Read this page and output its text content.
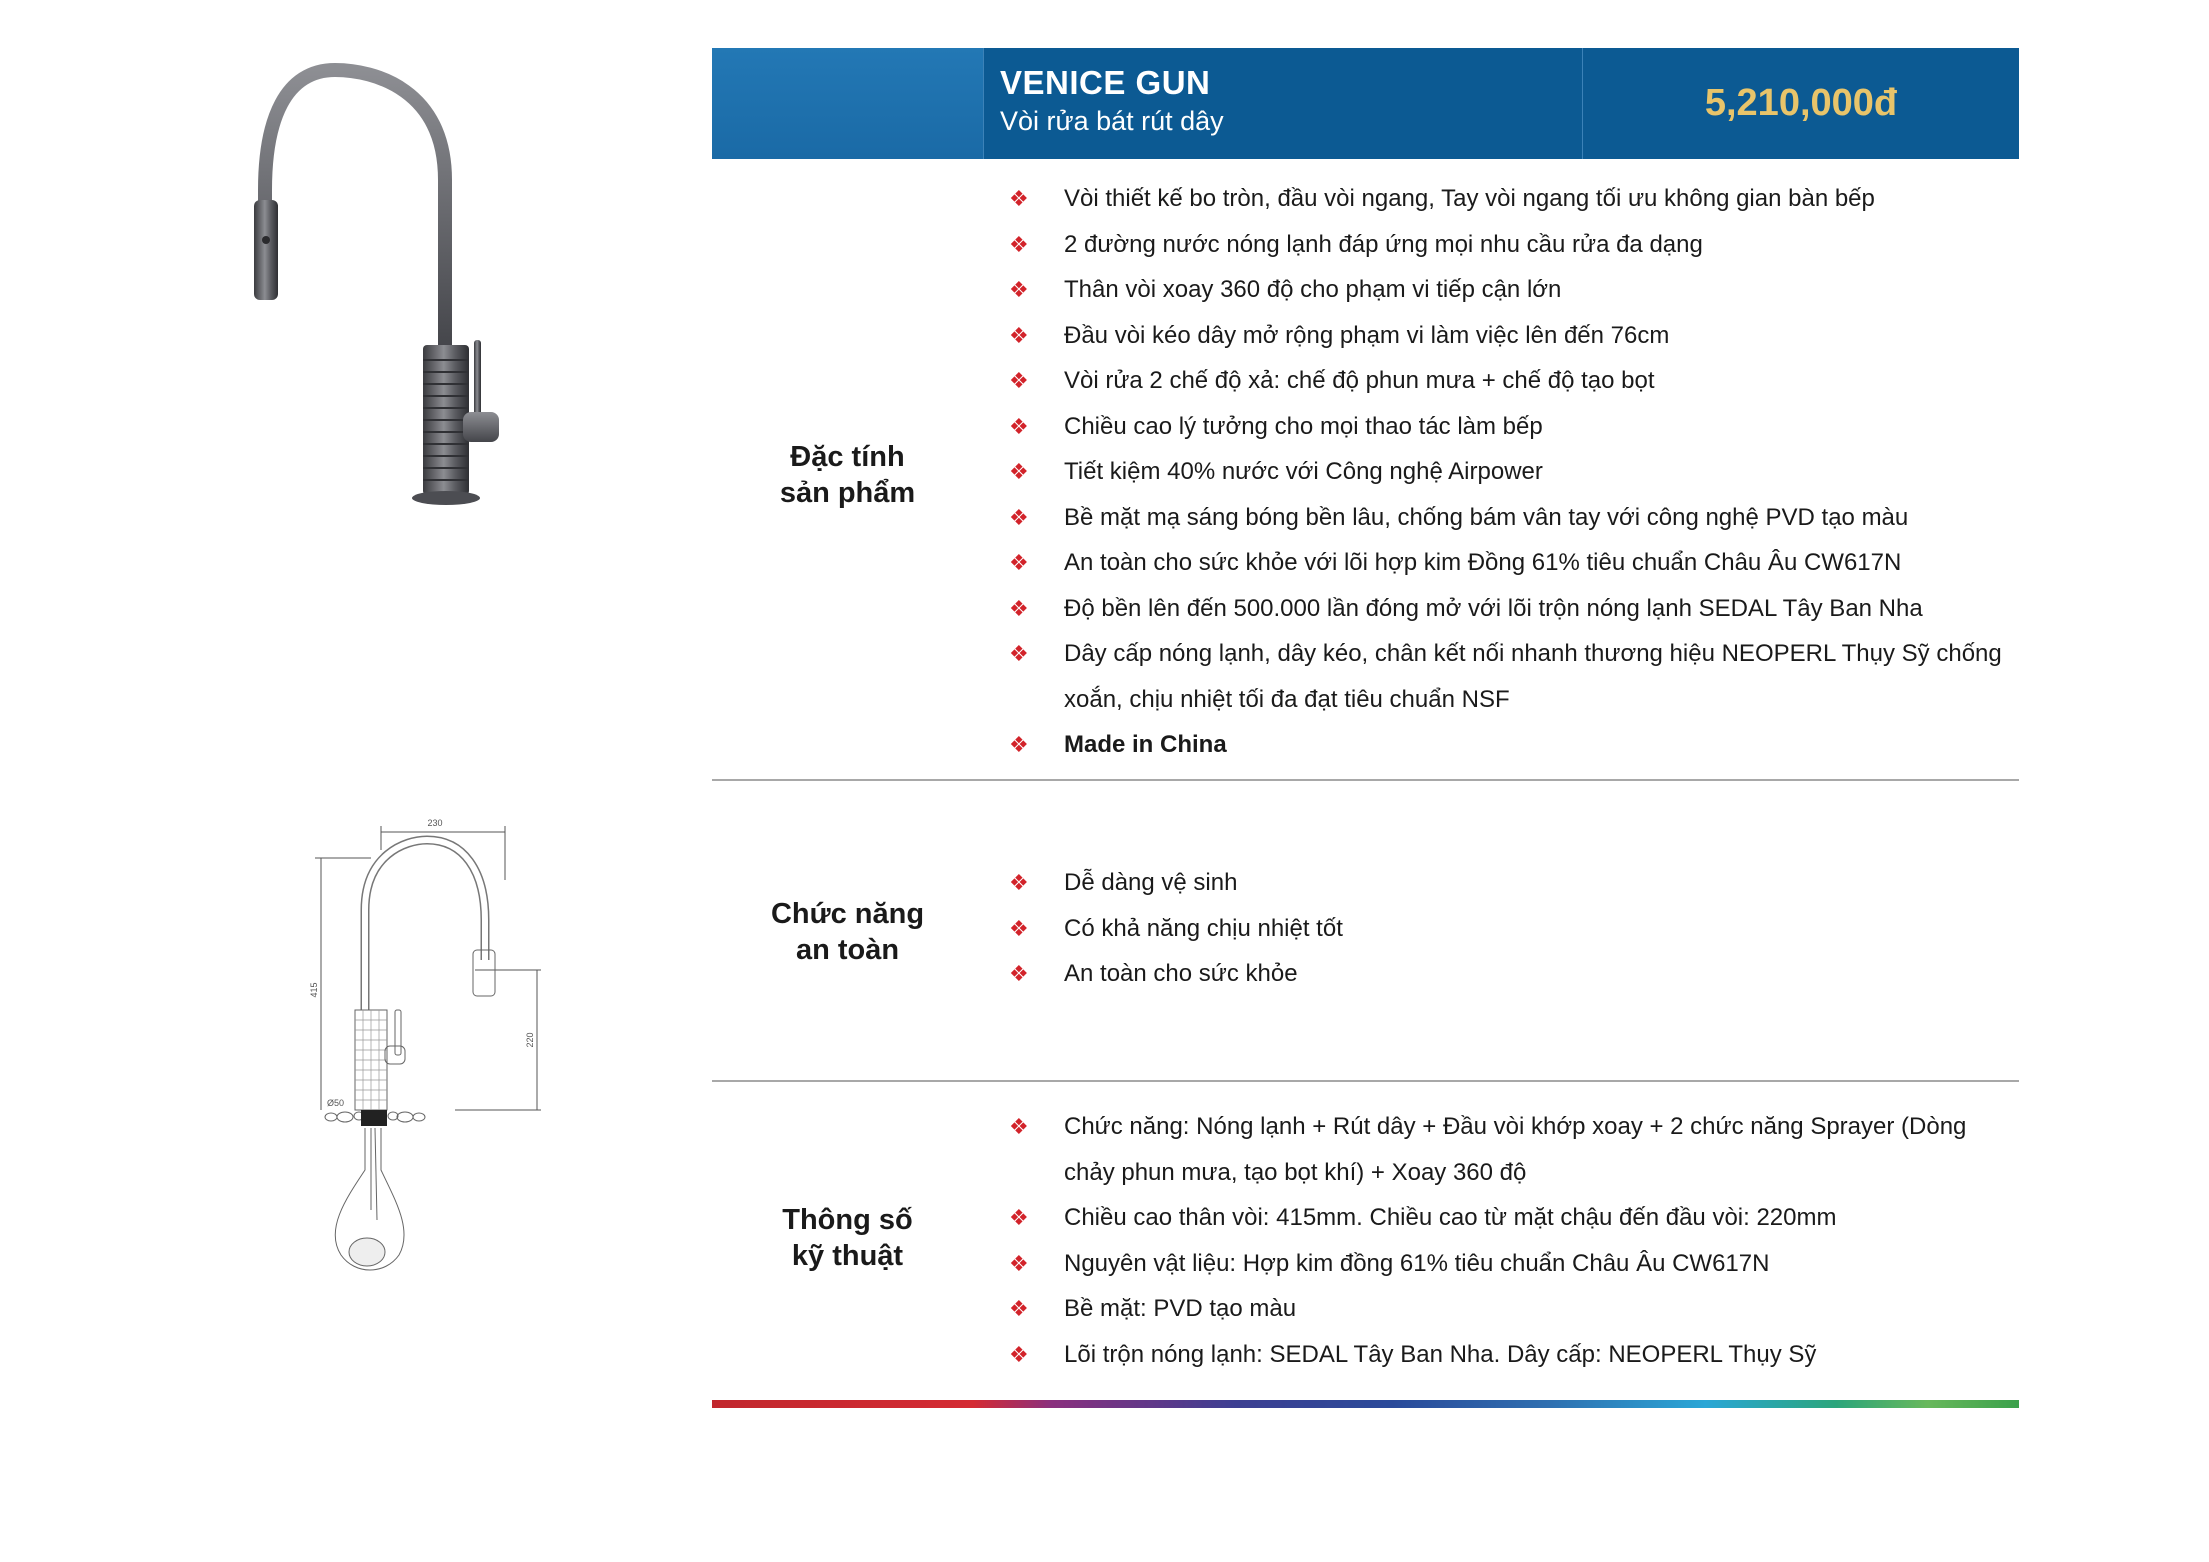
230
415
220
Ø50
VENICE GUN
Vòi rửa bát rút dây	5,210,000đ
Đặc tính
sản phẩm
❖	Vòi thiết kế bo tròn, đầu vòi ngang, Tay vòi ngang tối ưu không gian bàn bếp
❖	2 đường nước nóng lạnh đáp ứng mọi nhu cầu rửa đa dạng
❖	Thân vòi xoay 360 độ cho phạm vi tiếp cận lớn
❖	Đầu vòi kéo dây mở rộng phạm vi làm việc lên đến 76cm
❖	Vòi rửa 2 chế độ xả: chế độ phun mưa + chế độ tạo bọt
❖	Chiều cao lý tưởng cho mọi thao tác làm bếp
❖	Tiết kiệm 40% nước với Công nghệ Airpower
❖	Bề mặt mạ sáng bóng bền lâu, chống bám vân tay với công nghệ PVD tạo màu
❖	An toàn cho sức khỏe với lõi hợp kim Đồng 61% tiêu chuẩn Châu Âu CW617N
❖	Độ bền lên đến 500.000 lần đóng mở với lõi trộn nóng lạnh SEDAL Tây Ban Nha
❖	Dây cấp nóng lạnh, dây kéo, chân kết nối nhanh thương hiệu NEOPERL Thụy Sỹ chống xoắn, chịu nhiệt tối đa đạt tiêu chuẩn NSF
❖	Made in China
Chức năng
an toàn
❖	Dễ dàng vệ sinh
❖	Có khả năng chịu nhiệt tốt
❖	An toàn cho sức khỏe
Thông số
kỹ thuật
❖	Chức năng: Nóng lạnh + Rút dây + Đầu vòi khớp xoay + 2 chức năng Sprayer (Dòng chảy phun mưa, tạo bọt khí) + Xoay 360 độ
❖	Chiều cao thân vòi: 415mm. Chiều cao từ mặt chậu đến đầu vòi: 220mm
❖	Nguyên vật liệu: Hợp kim đồng 61% tiêu chuẩn Châu Âu CW617N
❖	Bề mặt: PVD tạo màu
❖	Lõi trộn nóng lạnh: SEDAL Tây Ban Nha. Dây cấp: NEOPERL Thụy Sỹ
